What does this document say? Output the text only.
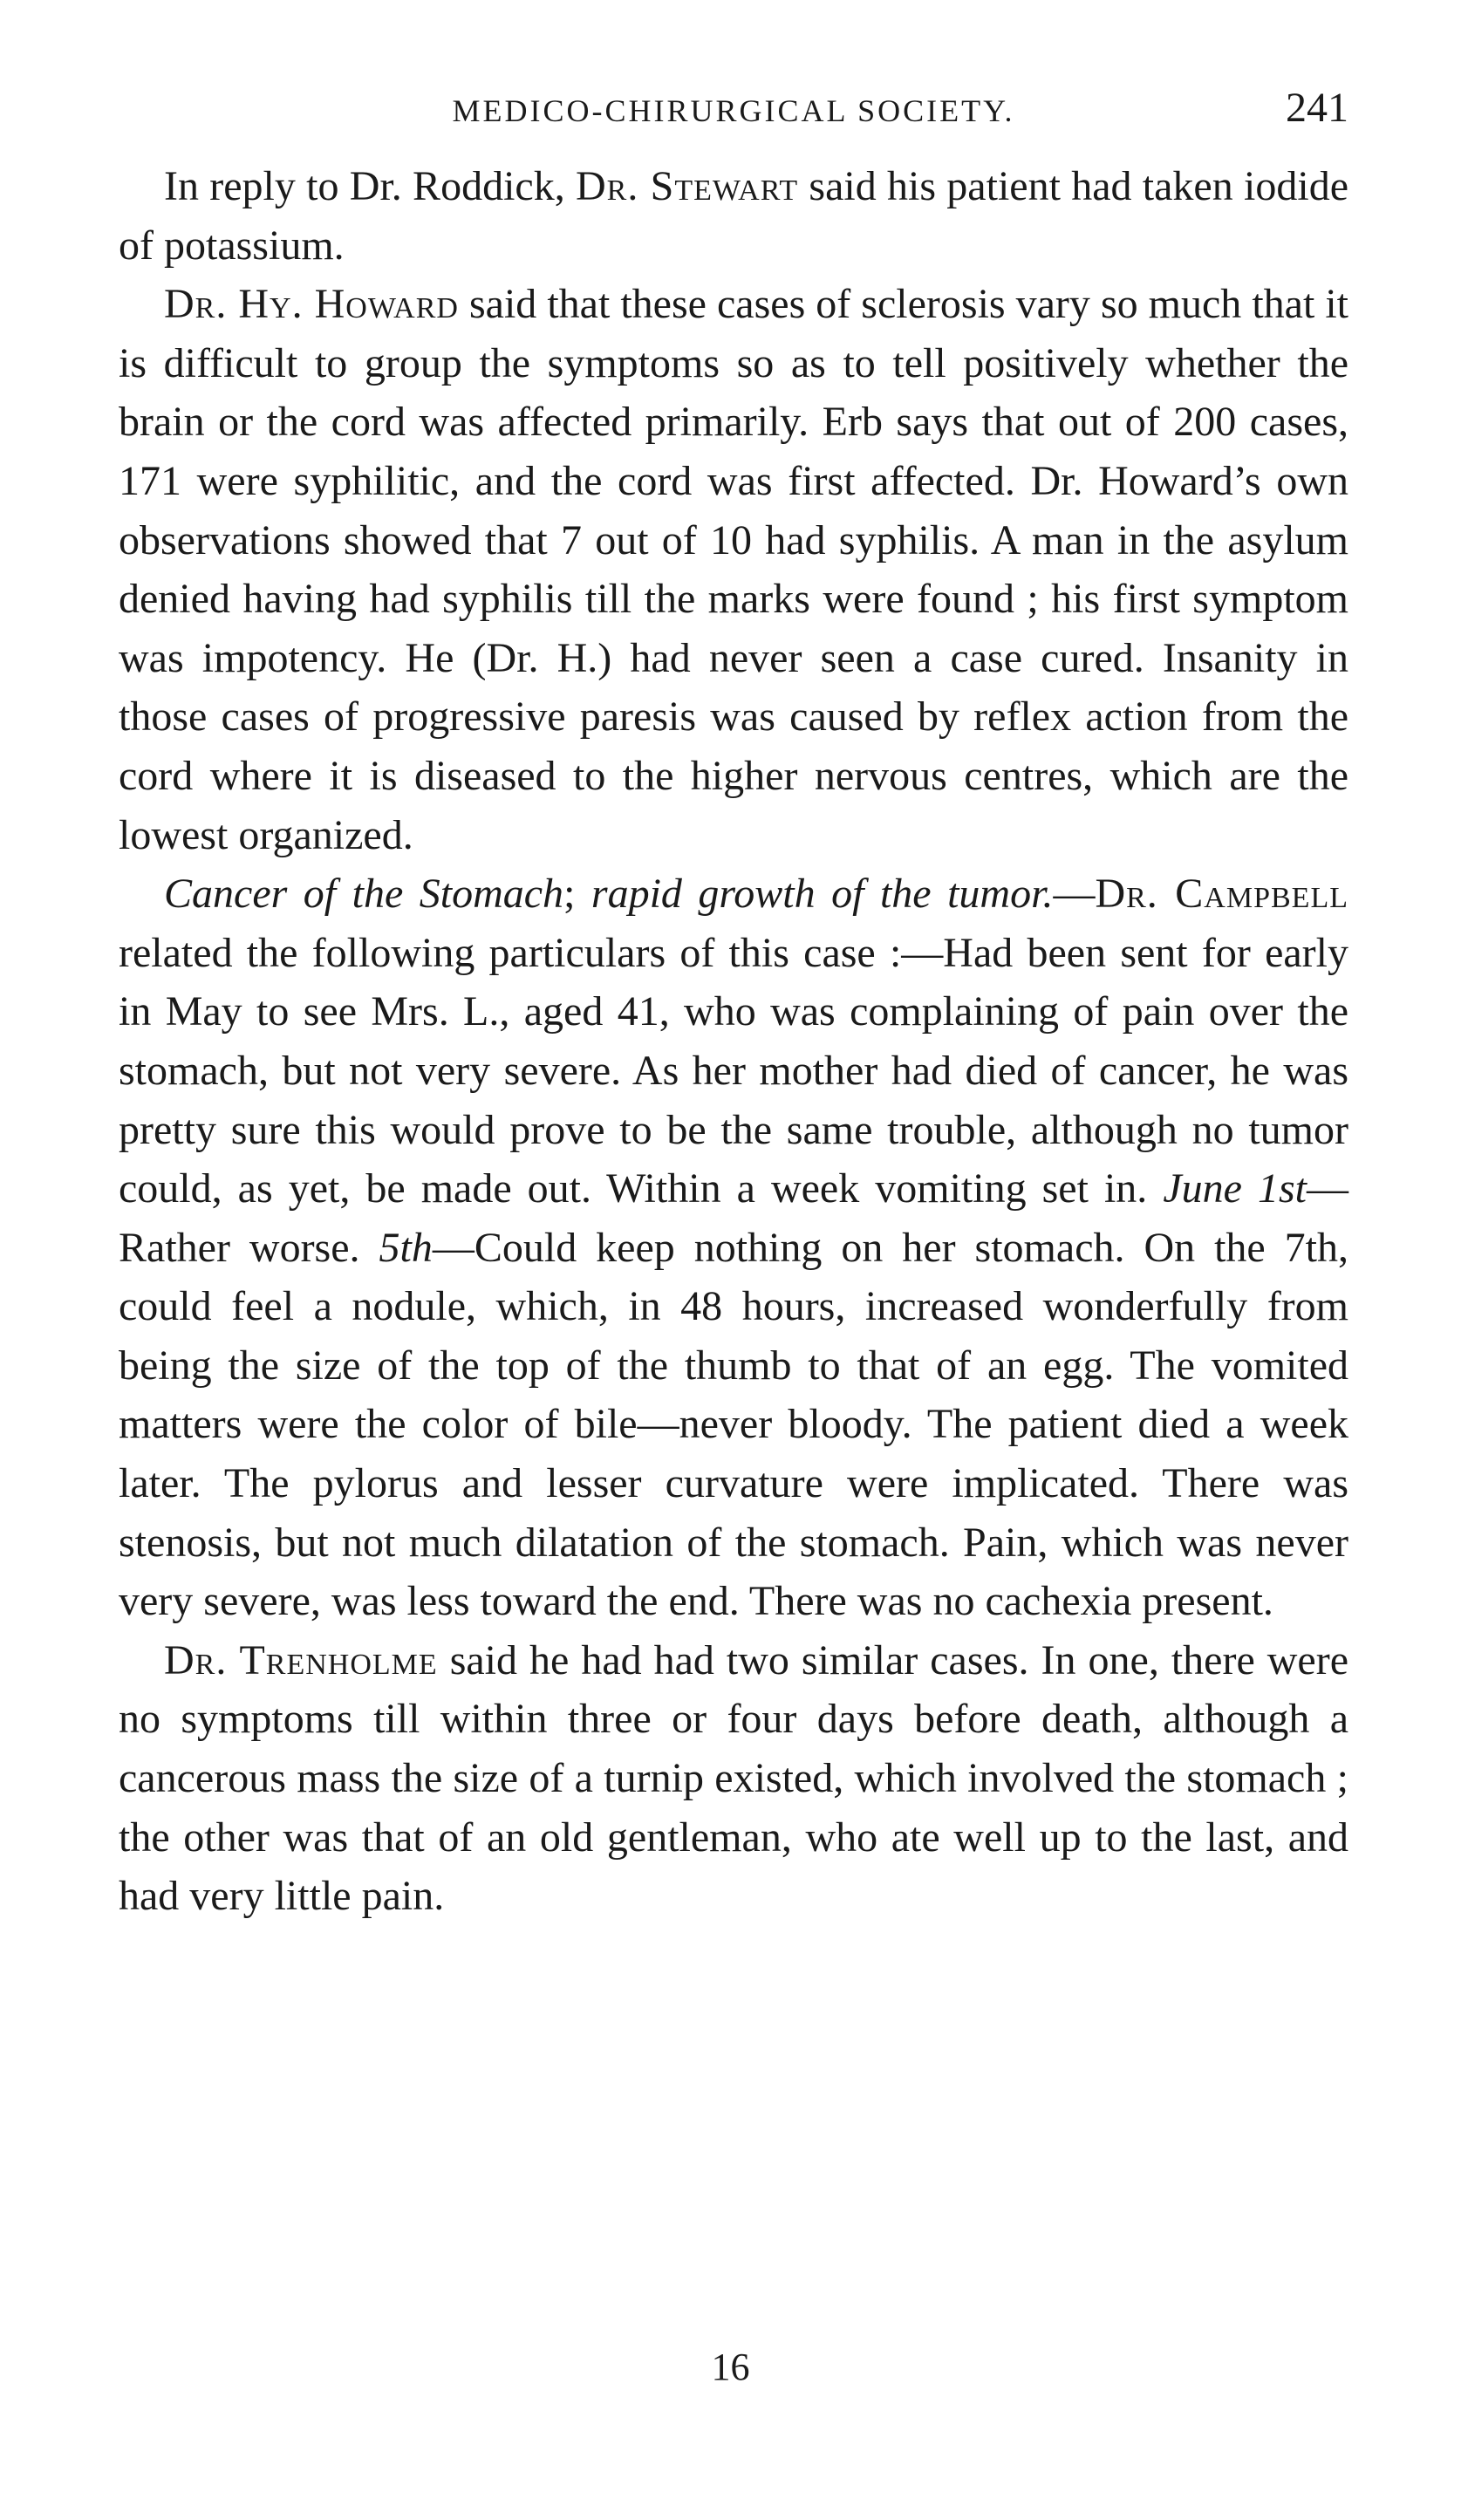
MEDICO-CHIRURGICAL SOCIETY.	241

In reply to Dr. Roddick, Dr. Stewart said his patient had taken iodide of potassium.

Dr. Hy. Howard said that these cases of sclerosis vary so much that it is difficult to group the symptoms so as to tell positively whether the brain or the cord was affected primarily. Erb says that out of 200 cases, 171 were syphilitic, and the cord was first affected. Dr. Howard’s own observations showed that 7 out of 10 had syphilis. A man in the asylum denied having had syphilis till the marks were found ; his first symptom was impotency. He (Dr. H.) had never seen a case cured. Insanity in those cases of progressive paresis was caused by reflex action from the cord where it is diseased to the higher nervous centres, which are the lowest organized.

Cancer of the Stomach; rapid growth of the tumor.—Dr. Campbell related the following particulars of this case :—Had been sent for early in May to see Mrs. L., aged 41, who was complaining of pain over the stomach, but not very severe. As her mother had died of cancer, he was pretty sure this would prove to be the same trouble, although no tumor could, as yet, be made out. Within a week vomiting set in. June 1st—Rather worse. 5th—Could keep nothing on her stomach. On the 7th, could feel a nodule, which, in 48 hours, increased wonderfully from being the size of the top of the thumb to that of an egg. The vomited matters were the color of bile—never bloody. The patient died a week later. The pylorus and lesser curvature were implicated. There was stenosis, but not much dilatation of the stomach. Pain, which was never very severe, was less toward the end. There was no cachexia present.

Dr. Trenholme said he had had two similar cases. In one, there were no symptoms till within three or four days before death, although a cancerous mass the size of a turnip existed, which involved the stomach ; the other was that of an old gentleman, who ate well up to the last, and had very little pain.

16
